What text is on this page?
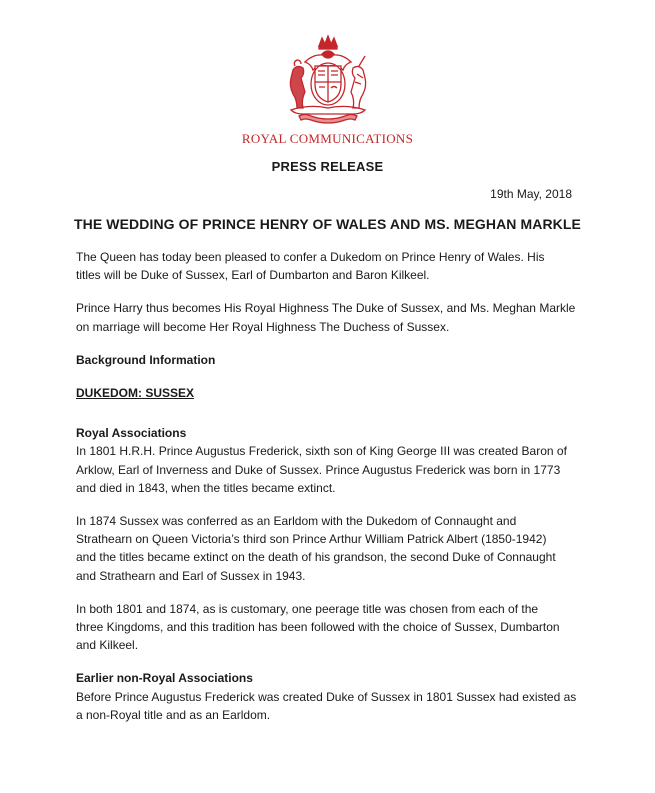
ROYAL COMMUNICATIONS
PRESS RELEASE
19th May, 2018
THE WEDDING OF PRINCE HENRY OF WALES AND MS. MEGHAN MARKLE

The Queen has today been pleased to confer a Dukedom on Prince Henry of Wales. His
titles will be Duke of Sussex, Earl of Dumbarton and Baron Kilkeel.

Prince Harry thus becomes His Royal Highness The Duke of Sussex, and Ms. Meghan Markle
on marriage will become Her Royal Highness The Duchess of Sussex.

Background Information

DUKEDOM: SUSSEX

Royal Associations

In 1801 H.R.H. Prince Augustus Frederick, sixth son of King George III was created Baron of
Arklow, Earl of Inverness and Duke of Sussex. Prince Augustus Frederick was born in 1773
and died in 1843, when the titles became extinct.

In 1874 Sussex was conferred as an Earldom with the Dukedom of Connaught and
Strathearn on Queen Victoria’s third son Prince Arthur William Patrick Albert (1850-1942)
and the titles became extinct on the death of his grandson, the second Duke of Connaught
and Strathearn and Earl of Sussex in 1943.

In both 1801 and 1874, as is customary, one peerage title was chosen from each of the
three Kingdoms, and this tradition has been followed with the choice of Sussex, Dumbarton
and Kilkeel.

Earlier non-Royal Associations

Before Prince Augustus Frederick was created Duke of Sussex in 1801 Sussex had existed as
a non-Royal title and as an Earldom.
